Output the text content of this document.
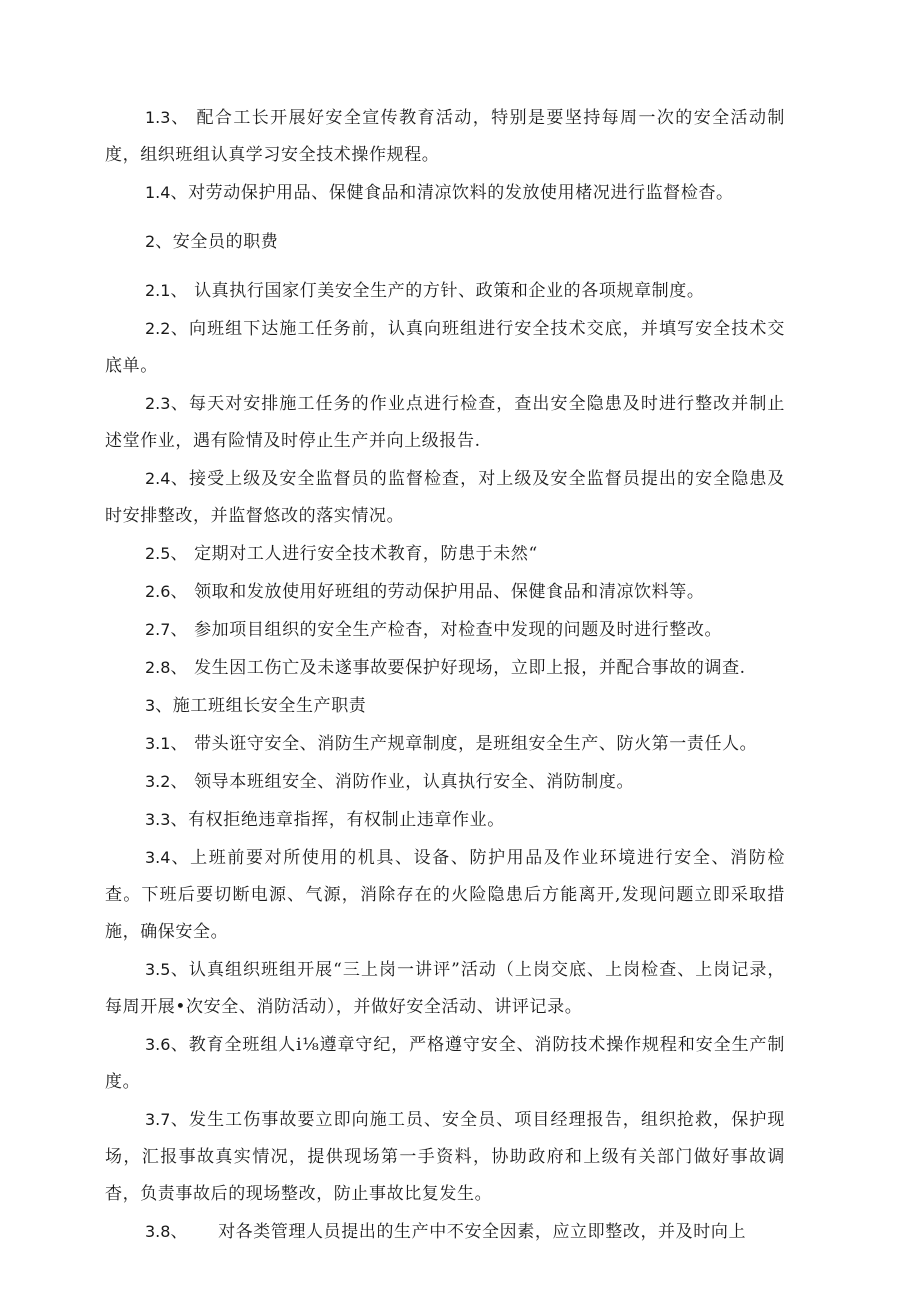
1.3、 配合工长开展好安全宣传教育活动，特别是要坚持每周一次的安全活动制度，组织班组认真学习安全技术操作规程。

1.4、对劳动保护用品、保健食品和清凉饮料的发放使用楮况进行监督检杳。

2、安全员的职费

2.1、 认真执行国家仃美安全生产的方针、政策和企业的各项规章制度。

2.2、向班组下达施工任务前，认真向班组进行安全技术交底，并填写安全技术交底单。

2.3、每天对安排施工任务的作业点进行检查，查出安全隐患及时进行整改并制止述堂作业，遇有险情及时停止生产并向上级报告.

2.4、接受上级及安全监督员的监督检查，对上级及安全监督员提出的安全隐患及时安排整改，并监督悠改的落实情况。

2.5、 定期对工人进行安全技术教育，防患于未然“

2.6、 领取和发放使用好班组的劳动保护用品、保健食品和清凉饮料等。

2.7、 参加项目组织的安全生产检杳，对检查中发现的问题及时进行整改。

2.8、 发生因工伤亡及未遂事故要保护好现场，立即上报，并配合事故的调查.

3、施工班组长安全生产职责

3.1、 带头诳守安全、消防生产规章制度，是班组安全生产、防火第一责任人。

3.2、 领导本班组安全、消防作业，认真执行安全、消防制度。

3.3、有权拒绝违章指挥，有权制止违章作业。

3.4、上班前要对所使用的机具、设备、防护用品及作业环境进行安全、消防检查。下班后要切断电源、气源，消除存在的火险隐患后方能离开,发现问题立即采取措施，确保安全。

3.5、认真组织班组开展“三上岗一讲评”活动（上岗交底、上岗检查、上岗记录，每周开展•次安全、消防活动），并做好安全活动、讲评记录。

3.6、教育全班组人i⅛遵章守纪，严格遵守安全、消防技术操作规程和安全生产制度。

3.7、发生工伤事故要立即向施工员、安全员、项目经理报告，组织抢救，保护现场，汇报事故真实情况，提供现场第一手资料，协助政府和上级有关部门做好事故调杳，负责事故后的现场整改，防止事故比复发生。

3.8、 对各类管理人员提出的生产中不安全因素，应立即整改，并及时向上
